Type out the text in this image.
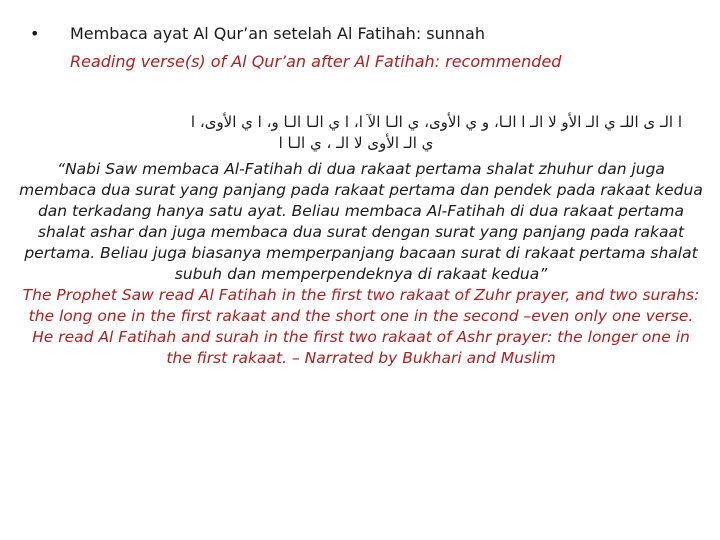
• Membaca ayat Al Qur’an setelah Al Fatihah: sunnah
Reading verse(s) of Al Qur’an after Al Fatihah: recommended
ا الـ ى اللـ ي الـ الأو لا الـ ا الـا، و ي الأوى، ي الـا الآ ا، ا ي الـا الـا و، ا ي الأوى، ا
ي الـ الأوى لا الـ ، ي الـا ا

“Nabi Saw membaca Al-Fatihah di dua rakaat pertama shalat zhuhur dan juga membaca dua surat yang panjang pada rakaat pertama dan pendek pada rakaat kedua dan terkadang hanya satu ayat. Beliau membaca Al-Fatihah di dua rakaat pertama shalat ashar dan juga membaca dua surat dengan surat yang panjang pada rakaat pertama. Beliau juga biasanya memperpanjang bacaan surat di rakaat pertama shalat subuh dan memperpendeknya di rakaat kedua”

The Prophet Saw read Al Fatihah in the first two rakaat of Zuhr prayer, and two surahs: the long one in the first rakaat and the short one in the second –even only one verse. He read Al Fatihah and surah in the first two rakaat of Ashr prayer: the longer one in the first rakaat. – Narrated by Bukhari and Muslim
